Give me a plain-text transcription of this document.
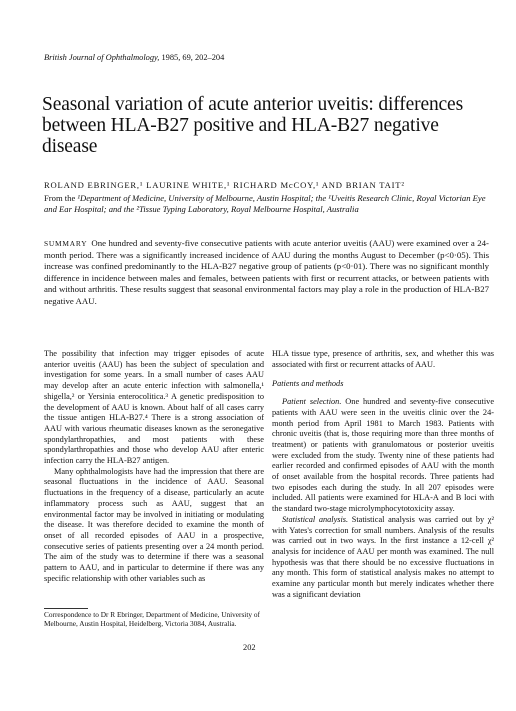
British Journal of Ophthalmology, 1985, 69, 202–204
Seasonal variation of acute anterior uveitis: differences between HLA-B27 positive and HLA-B27 negative disease
ROLAND EBRINGER,¹ LAURINE WHITE,¹ RICHARD McCOY,¹ AND BRIAN TAIT²
From the ¹Department of Medicine, University of Melbourne, Austin Hospital; the ¹Uveitis Research Clinic, Royal Victorian Eye and Ear Hospital; and the ²Tissue Typing Laboratory, Royal Melbourne Hospital, Australia
SUMMARY One hundred and seventy-five consecutive patients with acute anterior uveitis (AAU) were examined over a 24-month period. There was a significantly increased incidence of AAU during the months August to December (p<0·05). This increase was confined predominantly to the HLA-B27 negative group of patients (p<0·01). There was no significant monthly difference in incidence between males and females, between patients with first or recurrent attacks, or between patients with and without arthritis. These results suggest that seasonal environmental factors may play a role in the production of HLA-B27 negative AAU.

The possibility that infection may trigger episodes of acute anterior uveitis (AAU) has been the subject of speculation and investigation for some years. In a small number of cases AAU may develop after an acute enteric infection with salmonella,¹ shigella,² or Yersinia enterocolitica.³ A genetic predisposition to the development of AAU is known. About half of all cases carry the tissue antigen HLA-B27.⁴ There is a strong association of AAU with various rheumatic diseases known as the seronegative spondylarthropathies, and most patients with these spondylarthropathies and those who develop AAU after enteric infection carry the HLA-B27 antigen.

Many ophthalmologists have had the impression that there are seasonal fluctuations in the incidence of AAU. Seasonal fluctuations in the frequency of a disease, particularly an acute inflammatory process such as AAU, suggest that an environmental factor may be involved in initiating or modulating the disease. It was therefore decided to examine the month of onset of all recorded episodes of AAU in a prospective, consecutive series of patients presenting over a 24 month period. The aim of the study was to determine if there was a seasonal pattern to AAU, and in particular to determine if there was any specific relationship with other variables such as

HLA tissue type, presence of arthritis, sex, and whether this was associated with first or recurrent attacks of AAU.

Patients and methods

Patient selection. One hundred and seventy-five consecutive patients with AAU were seen in the uveitis clinic over the 24-month period from April 1981 to March 1983. Patients with chronic uveitis (that is, those requiring more than three months of treatment) or patients with granulomatous or posterior uveitis were excluded from the study. Twenty nine of these patients had earlier recorded and confirmed episodes of AAU with the month of onset available from the hospital records. Three patients had two episodes each during the study. In all 207 episodes were included. All patients were examined for HLA-A and B loci with the standard two-stage microlymphocytotoxicity assay.

Statistical analysis. Statistical analysis was carried out by χ² with Yates's correction for small numbers. Analysis of the results was carried out in two ways. In the first instance a 12-cell χ² analysis for incidence of AAU per month was examined. The null hypothesis was that there should be no excessive fluctuations in any month. This form of statistical analysis makes no attempt to examine any particular month but merely indicates whether there was a significant deviation

Correspondence to Dr R Ebringer, Department of Medicine, University of Melbourne, Austin Hospital, Heidelberg, Victoria 3084, Australia.
202
